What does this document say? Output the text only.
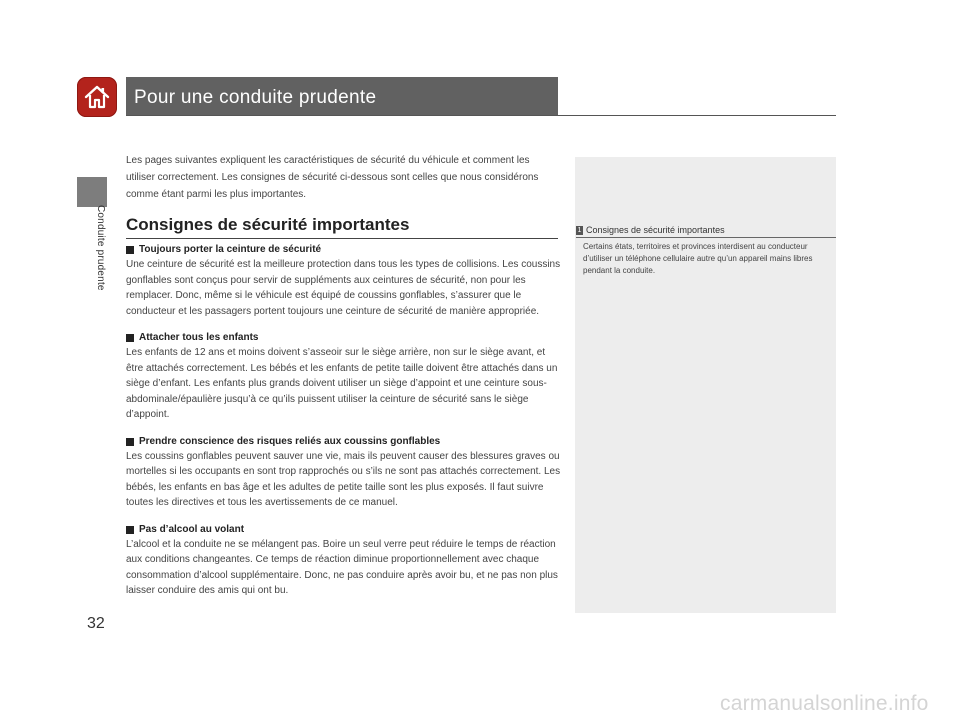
Pour une conduite prudente
Conduite prudente
32
Les pages suivantes expliquent les caractéristiques de sécurité du véhicule et comment les utiliser correctement. Les consignes de sécurité ci-dessous sont celles que nous considérons comme étant parmi les plus importantes.
Consignes de sécurité importantes
Toujours porter la ceinture de sécurité
Une ceinture de sécurité est la meilleure protection dans tous les types de collisions. Les coussins gonflables sont conçus pour servir de suppléments aux ceintures de sécurité, non pour les remplacer. Donc, même si le véhicule est équipé de coussins gonflables, s’assurer que le conducteur et les passagers portent toujours une ceinture de sécurité de manière appropriée.
Attacher tous les enfants
Les enfants de 12 ans et moins doivent s’asseoir sur le siège arrière, non sur le siège avant, et être attachés correctement. Les bébés et les enfants de petite taille doivent être attachés dans un siège d’enfant. Les enfants plus grands doivent utiliser un siège d’appoint et une ceinture sous-abdominale/épaulière jusqu’à ce qu’ils puissent utiliser la ceinture de sécurité sans le siège d’appoint.
Prendre conscience des risques reliés aux coussins gonflables
Les coussins gonflables peuvent sauver une vie, mais ils peuvent causer des blessures graves ou mortelles si les occupants en sont trop rapprochés ou s’ils ne sont pas attachés correctement. Les bébés, les enfants en bas âge et les adultes de petite taille sont les plus exposés. Il faut suivre toutes les directives et tous les avertissements de ce manuel.
Pas d’alcool au volant
L’alcool et la conduite ne se mélangent pas. Boire un seul verre peut réduire le temps de réaction aux conditions changeantes. Ce temps de réaction diminue proportionnellement avec chaque consommation d’alcool supplémentaire. Donc, ne pas conduire après avoir bu, et ne pas non plus laisser conduire des amis qui ont bu.
1 Consignes de sécurité importantes
Certains états, territoires et provinces interdisent au conducteur d’utiliser un téléphone cellulaire autre qu’un appareil mains libres pendant la conduite.
carmanualsonline.info
